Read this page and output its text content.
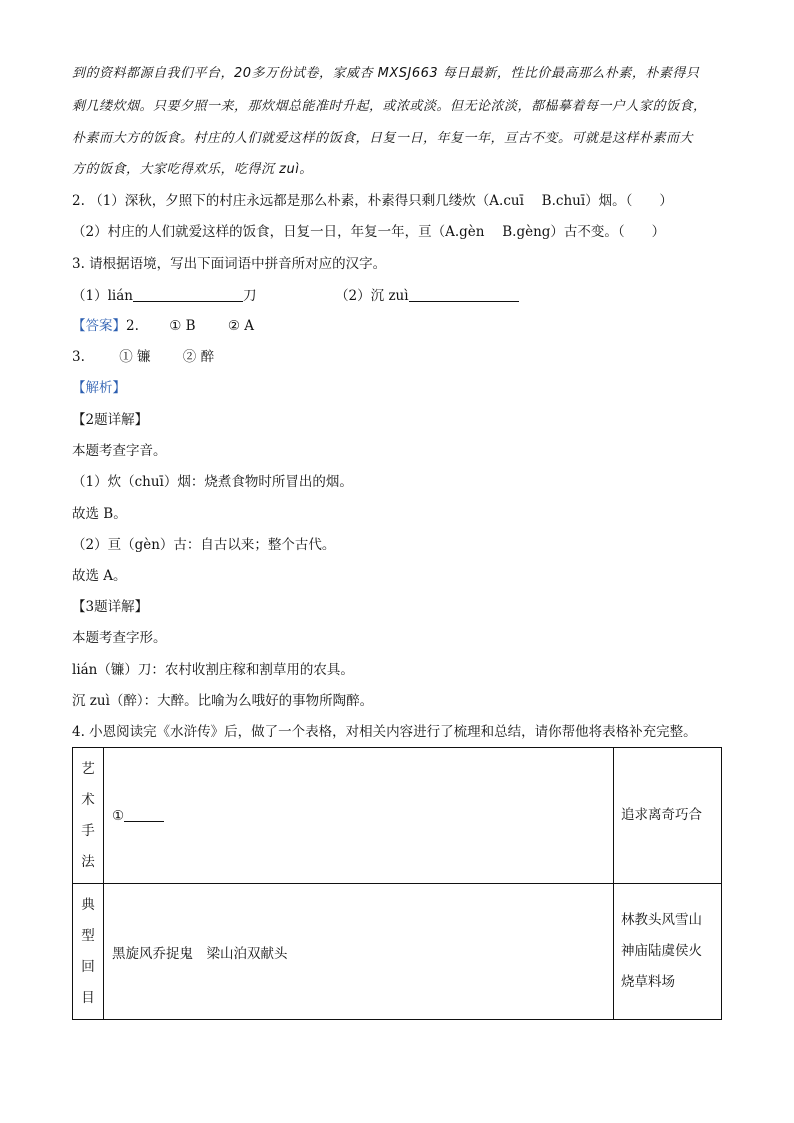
到的资料都源自我们平台，20多万份试卷，家威杏 MXSJ663 每日最新，性比价最高那么朴素，朴素得只
剩几缕炊烟。只要夕照一来，那炊烟总能准时升起，或浓或淡。但无论浓淡，都榀摹着每一户人家的饭食，
朴素而大方的饭食。村庄的人们就爱这样的饭食，日复一日，年复一年，亘古不变。可就是这样朴素而大
方的饭食，大家吃得欢乐，吃得沉 zuì。
2. （1）深秋，夕照下的村庄永远都是那么朴素，朴素得只剩几缕炊（A.cuī　 B.chuī）烟。（　　）
（2）村庄的人们就爱这样的饭食，日复一日，年复一年，亘（A.gèn　 B.gèng）古不变。（　　）
3. 请根据语境，写出下面词语中拼音所对应的汉字。
（1）lián	刀	（2）沉 zuì
【答案】2. ① B ② A
3.	① 镰 ② 醉
【解析】
【2题详解】
本题考查字音。
（1）炊（chuī）烟：烧煮食物时所冒出的烟。
故选 B。
（2）亘（gèn）古：自古以来；整个古代。
故选 A。
【3题详解】
本题考查字形。
lián（镰）刀：农村收割庄稼和割草用的农具。
沉 zuì（醉）：大醉。比喻为么哦好的事物所陶醉。
4. 小恩阅读完《水浒传》后，做了一个表格，对相关内容进行了梳理和总结，请你帮他将表格补充完整。
艺
术
手
法	①	追求离奇巧合

典
型
回
目	黑旋风乔捉鬼　梁山泊双献头	林教头风雪山
神庙陆虞侯火
烧草料场
